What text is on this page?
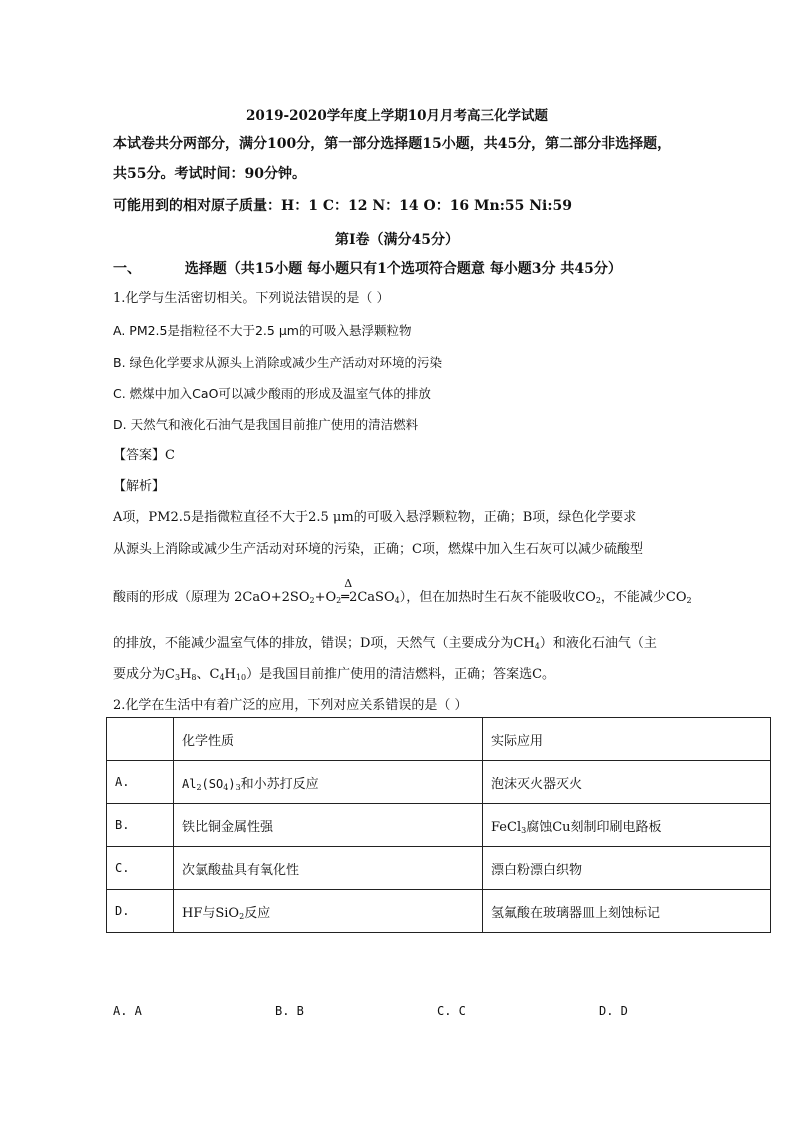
2019-2020学年度上学期10月月考高三化学试题
本试卷共分两部分，满分100分，第一部分选择题15小题，共45分，第二部分非选择题，
共55分。考试时间：90分钟。
可能用到的相对原子质量：H：1 C：12 N：14 O：16 Mn:55 Ni:59
第Ⅰ卷（满分45分）
一、	选择题（共15小题 每小题只有1个选项符合题意 每小题3分 共45分）
1.化学与生活密切相关。下列说法错误的是（ ）
A. PM2.5是指粒径不大于2.5 μm的可吸入悬浮颗粒物
B. 绿色化学要求从源头上消除或减少生产活动对环境的污染
C. 燃煤中加入CaO可以减少酸雨的形成及温室气体的排放
D. 天然气和液化石油气是我国目前推广使用的清洁燃料
【答案】C
【解析】
A项，PM2.5是指微粒直径不大于2.5 μm的可吸入悬浮颗粒物，正确；B项，绿色化学要求
从源头上消除或减少生产活动对环境的污染，正确；C项，燃煤中加入生石灰可以减少硫酸型
酸雨的形成（原理为 $2CaO+2SO_2+O_2$
Δ
═2CaSO$_4$），但在加热时生石灰不能吸收$CO_2$，不能减少$CO_2$
的排放，不能减少温室气体的排放，错误；D项，天然气（主要成分为$CH_4$）和液化石油气（主
要成分为$C_3H_8$、$C_4H_{10}$）是我国目前推广使用的清洁燃料，正确；答案选C。
2.化学在生活中有着广泛的应用，下列对应关系错误的是（ ）
	化学性质	实际应用
A.	$Al_2(SO_4)_3$和小苏打反应	泡沫灭火器灭火
B.	铁比铜金属性强	FeCl$_3$腐蚀Cu刻制印刷电路板
C.	次氯酸盐具有氧化性	漂白粉漂白织物
D.	HF与SiO$_2$反应	氢氟酸在玻璃器皿上刻蚀标记
A. A	B. B	C. C	D. D
